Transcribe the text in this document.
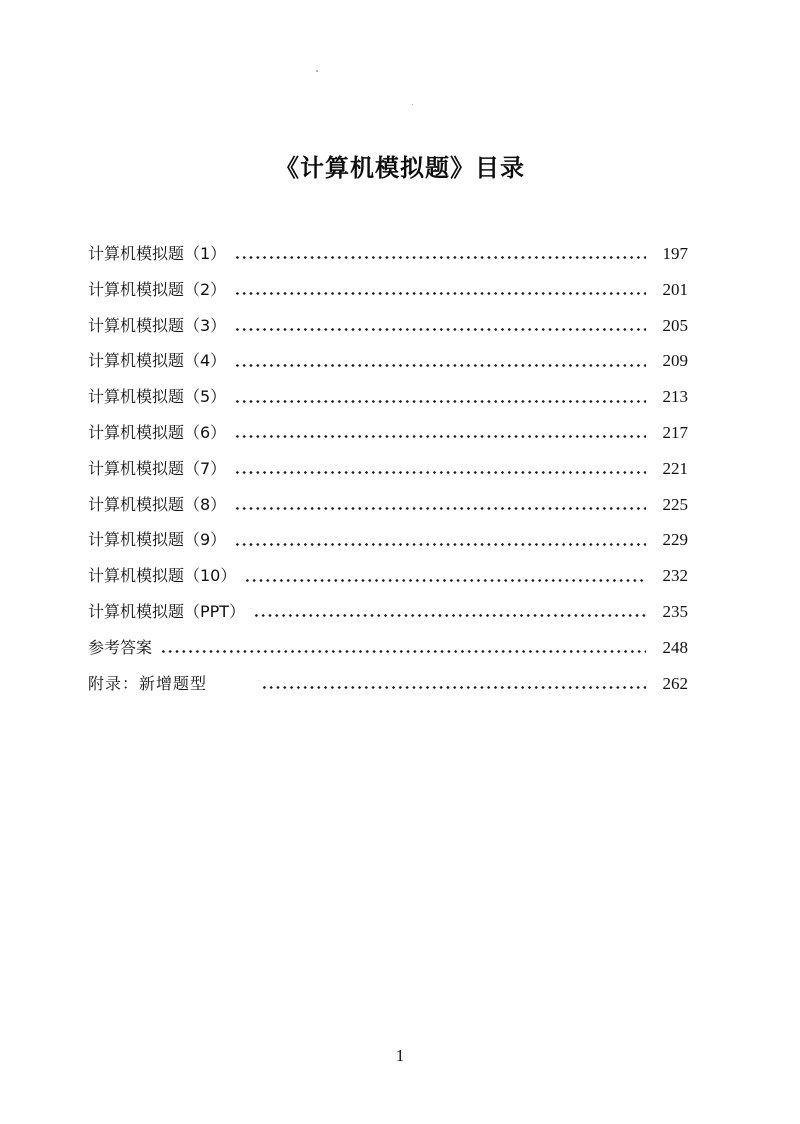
《计算机模拟题》目录
计算机模拟题（1）	197
计算机模拟题（2）	201
计算机模拟题（3）	205
计算机模拟题（4）	209
计算机模拟题（5）	213
计算机模拟题（6）	217
计算机模拟题（7）	221
计算机模拟题（8）	225
计算机模拟题（9）	229
计算机模拟题（10）	232
计算机模拟题（PPT）	235
参考答案	248
附录：新增题型	262
1
